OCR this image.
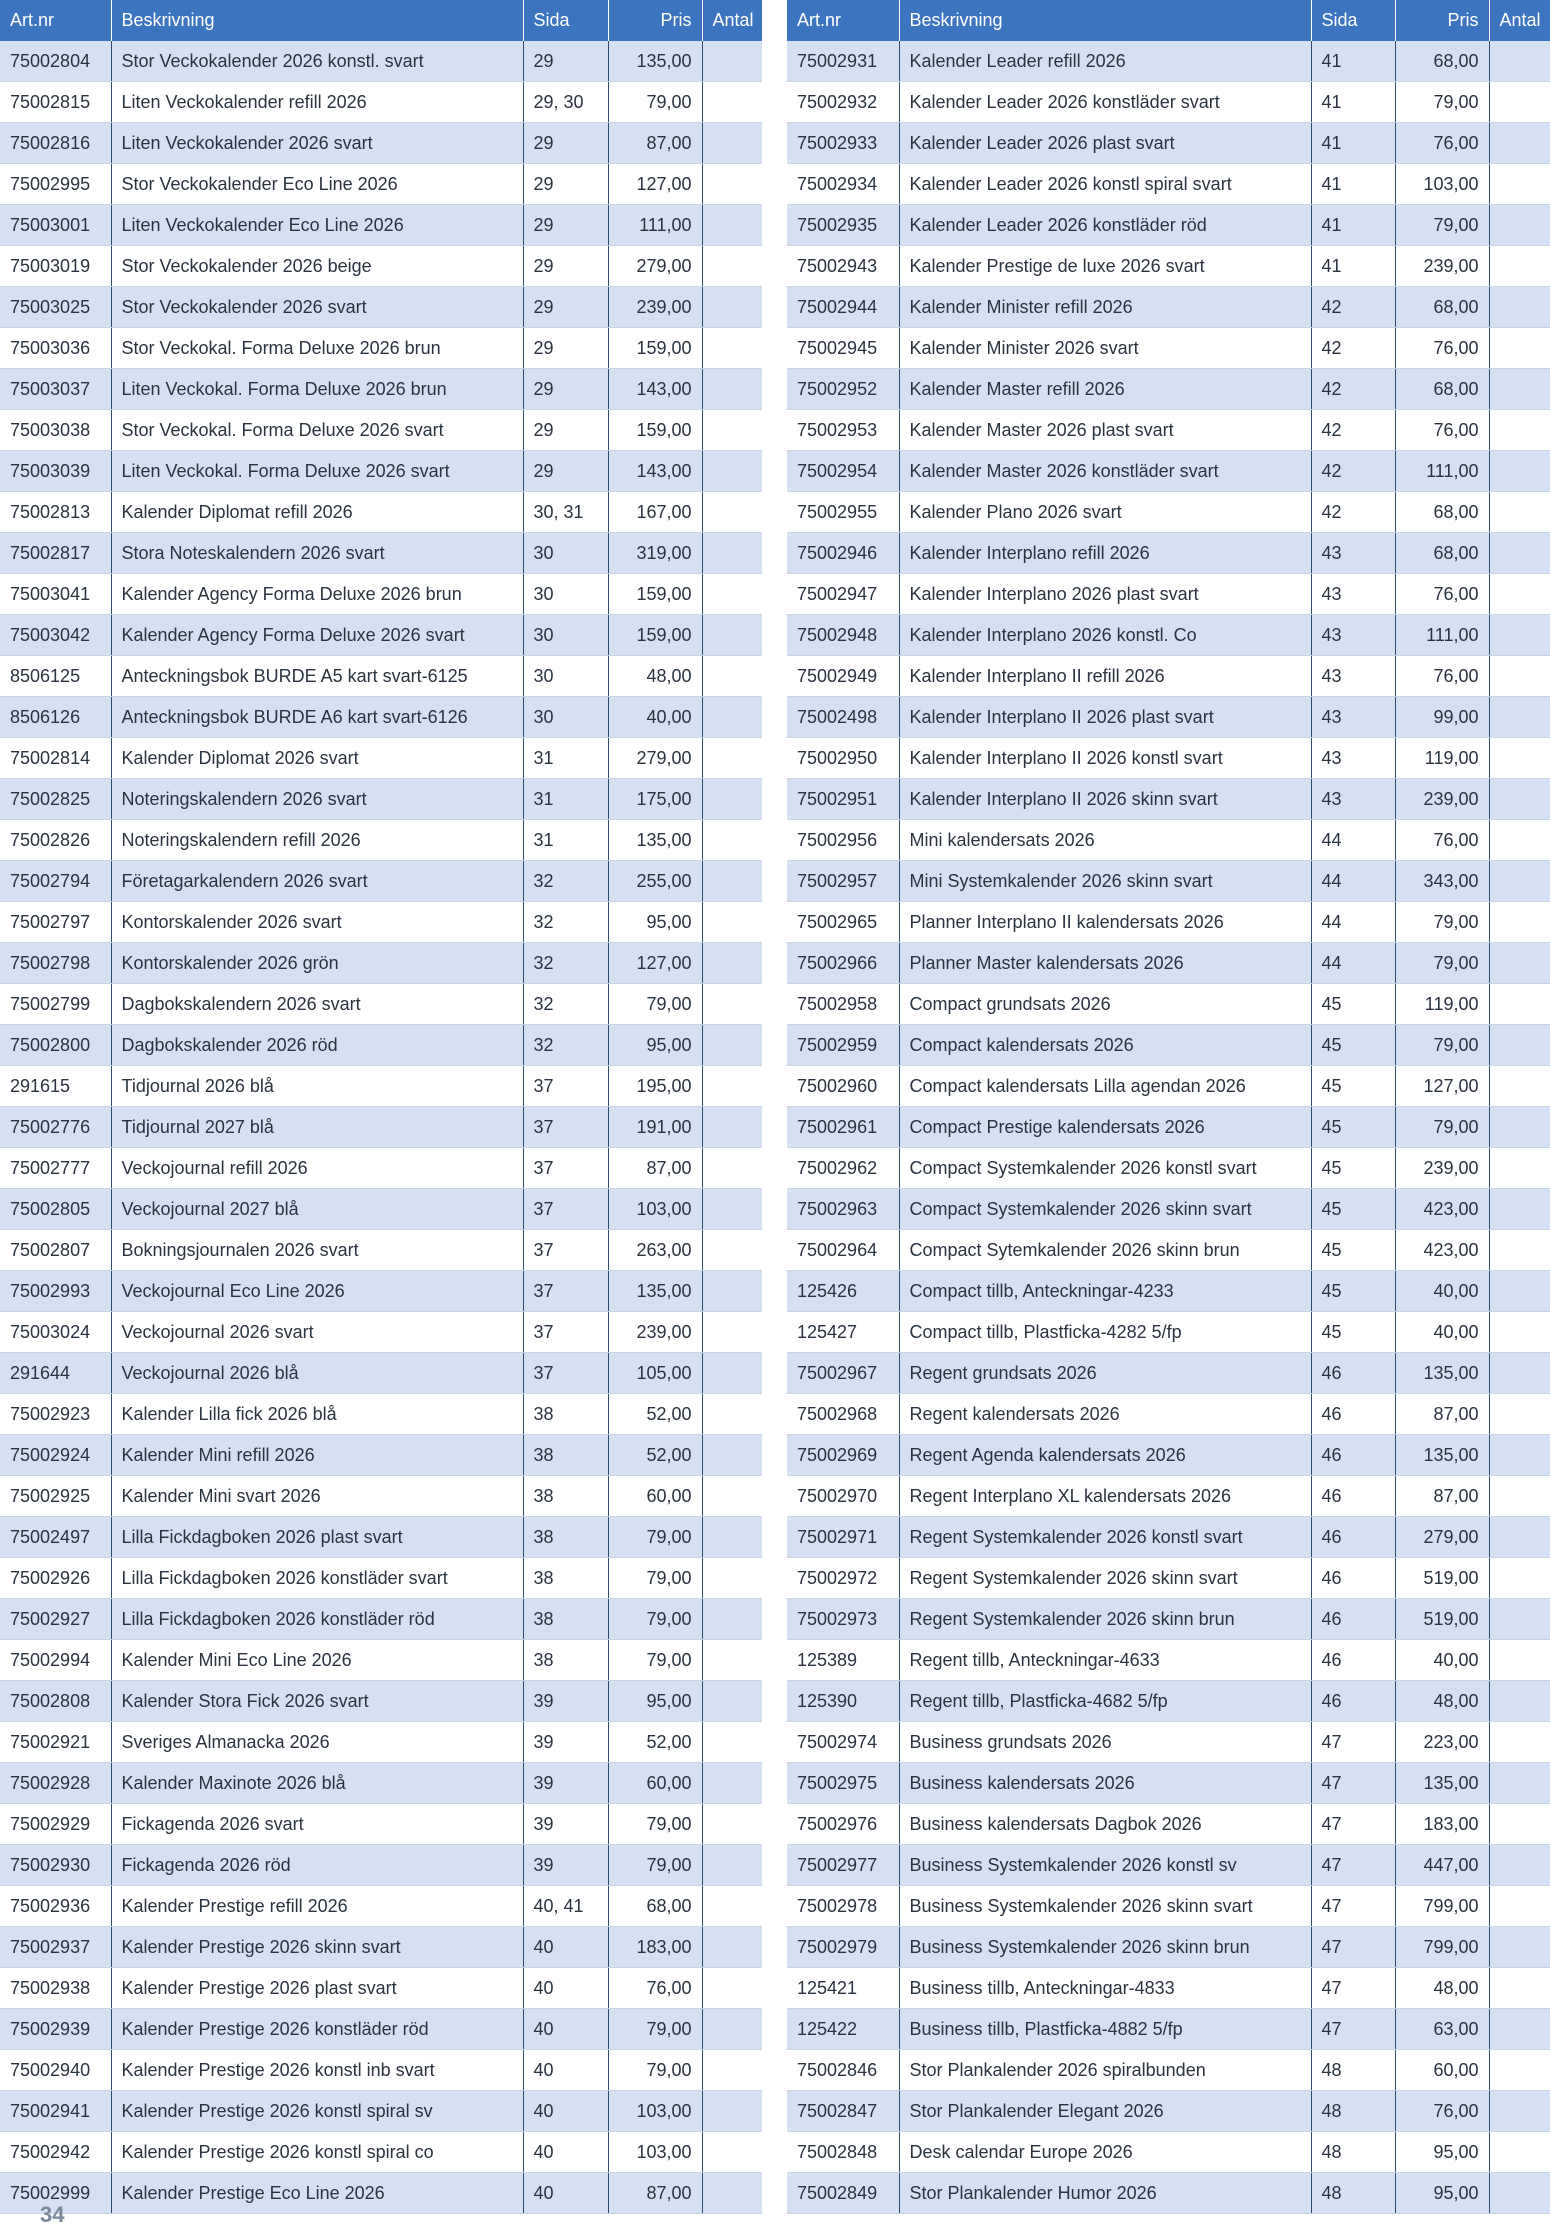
Art.nr	Beskrivning	Sida	Pris	Antal
75002804	Stor Veckokalender 2026 konstl. svart	29	135,00	
75002815	Liten Veckokalender refill 2026	29, 30	79,00	
75002816	Liten Veckokalender 2026 svart	29	87,00	
75002995	Stor Veckokalender Eco Line 2026	29	127,00	
75003001	Liten Veckokalender Eco Line 2026	29	111,00	
75003019	Stor Veckokalender 2026 beige	29	279,00	
75003025	Stor Veckokalender 2026 svart	29	239,00	
75003036	Stor Veckokal. Forma Deluxe 2026 brun	29	159,00	
75003037	Liten Veckokal. Forma Deluxe 2026 brun	29	143,00	
75003038	Stor Veckokal. Forma Deluxe 2026 svart	29	159,00	
75003039	Liten Veckokal. Forma Deluxe 2026 svart	29	143,00	
75002813	Kalender Diplomat refill 2026	30, 31	167,00	
75002817	Stora Noteskalendern 2026 svart	30	319,00	
75003041	Kalender Agency Forma Deluxe 2026 brun	30	159,00	
75003042	Kalender Agency Forma Deluxe 2026 svart	30	159,00	
8506125	Anteckningsbok BURDE A5 kart svart-6125	30	48,00	
8506126	Anteckningsbok BURDE A6 kart svart-6126	30	40,00	
75002814	Kalender Diplomat 2026 svart	31	279,00	
75002825	Noteringskalendern 2026 svart	31	175,00	
75002826	Noteringskalendern refill 2026	31	135,00	
75002794	Företagarkalendern 2026 svart	32	255,00	
75002797	Kontorskalender 2026 svart	32	95,00	
75002798	Kontorskalender 2026 grön	32	127,00	
75002799	Dagbokskalendern 2026 svart	32	79,00	
75002800	Dagbokskalender 2026 röd	32	95,00	
291615	Tidjournal 2026 blå	37	195,00	
75002776	Tidjournal 2027 blå	37	191,00	
75002777	Veckojournal refill 2026	37	87,00	
75002805	Veckojournal 2027 blå	37	103,00	
75002807	Bokningsjournalen 2026 svart	37	263,00	
75002993	Veckojournal Eco Line 2026	37	135,00	
75003024	Veckojournal 2026 svart	37	239,00	
291644	Veckojournal 2026 blå	37	105,00	
75002923	Kalender Lilla fick 2026 blå	38	52,00	
75002924	Kalender Mini refill 2026	38	52,00	
75002925	Kalender Mini svart 2026	38	60,00	
75002497	Lilla Fickdagboken 2026 plast svart	38	79,00	
75002926	Lilla Fickdagboken 2026 konstläder svart	38	79,00	
75002927	Lilla Fickdagboken 2026 konstläder röd	38	79,00	
75002994	Kalender Mini Eco Line 2026	38	79,00	
75002808	Kalender Stora Fick 2026 svart	39	95,00	
75002921	Sveriges Almanacka 2026	39	52,00	
75002928	Kalender Maxinote 2026 blå	39	60,00	
75002929	Fickagenda 2026 svart	39	79,00	
75002930	Fickagenda 2026 röd	39	79,00	
75002936	Kalender Prestige refill 2026	40, 41	68,00	
75002937	Kalender Prestige 2026 skinn svart	40	183,00	
75002938	Kalender Prestige 2026 plast svart	40	76,00	
75002939	Kalender Prestige 2026 konstläder röd	40	79,00	
75002940	Kalender Prestige 2026 konstl inb svart	40	79,00	
75002941	Kalender Prestige 2026 konstl spiral sv	40	103,00	
75002942	Kalender Prestige 2026 konstl spiral co	40	103,00	
75002999	Kalender Prestige Eco Line 2026	40	87,00	
Art.nr	Beskrivning	Sida	Pris	Antal
75002931	Kalender Leader refill 2026	41	68,00	
75002932	Kalender Leader 2026 konstläder svart	41	79,00	
75002933	Kalender Leader 2026 plast svart	41	76,00	
75002934	Kalender Leader 2026 konstl spiral svart	41	103,00	
75002935	Kalender Leader 2026 konstläder röd	41	79,00	
75002943	Kalender Prestige de luxe 2026 svart	41	239,00	
75002944	Kalender Minister refill 2026	42	68,00	
75002945	Kalender Minister 2026 svart	42	76,00	
75002952	Kalender Master refill 2026	42	68,00	
75002953	Kalender Master 2026 plast svart	42	76,00	
75002954	Kalender Master 2026 konstläder svart	42	111,00	
75002955	Kalender Plano 2026 svart	42	68,00	
75002946	Kalender Interplano refill 2026	43	68,00	
75002947	Kalender Interplano 2026 plast svart	43	76,00	
75002948	Kalender Interplano 2026 konstl. Co	43	111,00	
75002949	Kalender Interplano II refill 2026	43	76,00	
75002498	Kalender Interplano II 2026 plast svart	43	99,00	
75002950	Kalender Interplano II 2026 konstl svart	43	119,00	
75002951	Kalender Interplano II 2026 skinn svart	43	239,00	
75002956	Mini kalendersats 2026	44	76,00	
75002957	Mini Systemkalender 2026 skinn svart	44	343,00	
75002965	Planner Interplano II kalendersats 2026	44	79,00	
75002966	Planner Master kalendersats 2026	44	79,00	
75002958	Compact grundsats 2026	45	119,00	
75002959	Compact kalendersats 2026	45	79,00	
75002960	Compact kalendersats Lilla agendan 2026	45	127,00	
75002961	Compact Prestige kalendersats 2026	45	79,00	
75002962	Compact Systemkalender 2026 konstl svart	45	239,00	
75002963	Compact Systemkalender 2026 skinn svart	45	423,00	
75002964	Compact Sytemkalender 2026 skinn brun	45	423,00	
125426	Compact tillb, Anteckningar-4233	45	40,00	
125427	Compact tillb, Plastficka-4282 5/fp	45	40,00	
75002967	Regent grundsats 2026	46	135,00	
75002968	Regent kalendersats 2026	46	87,00	
75002969	Regent Agenda kalendersats 2026	46	135,00	
75002970	Regent Interplano XL kalendersats 2026	46	87,00	
75002971	Regent Systemkalender 2026 konstl svart	46	279,00	
75002972	Regent Systemkalender 2026 skinn svart	46	519,00	
75002973	Regent Systemkalender 2026 skinn brun	46	519,00	
125389	Regent tillb, Anteckningar-4633	46	40,00	
125390	Regent tillb, Plastficka-4682 5/fp	46	48,00	
75002974	Business grundsats 2026	47	223,00	
75002975	Business kalendersats 2026	47	135,00	
75002976	Business kalendersats Dagbok 2026	47	183,00	
75002977	Business Systemkalender 2026 konstl sv	47	447,00	
75002978	Business Systemkalender 2026 skinn svart	47	799,00	
75002979	Business Systemkalender 2026 skinn brun	47	799,00	
125421	Business tillb, Anteckningar-4833	47	48,00	
125422	Business tillb, Plastficka-4882 5/fp	47	63,00	
75002846	Stor Plankalender 2026 spiralbunden	48	60,00	
75002847	Stor Plankalender Elegant 2026	48	76,00	
75002848	Desk calendar Europe 2026	48	95,00	
75002849	Stor Plankalender Humor 2026	48	95,00	
34
